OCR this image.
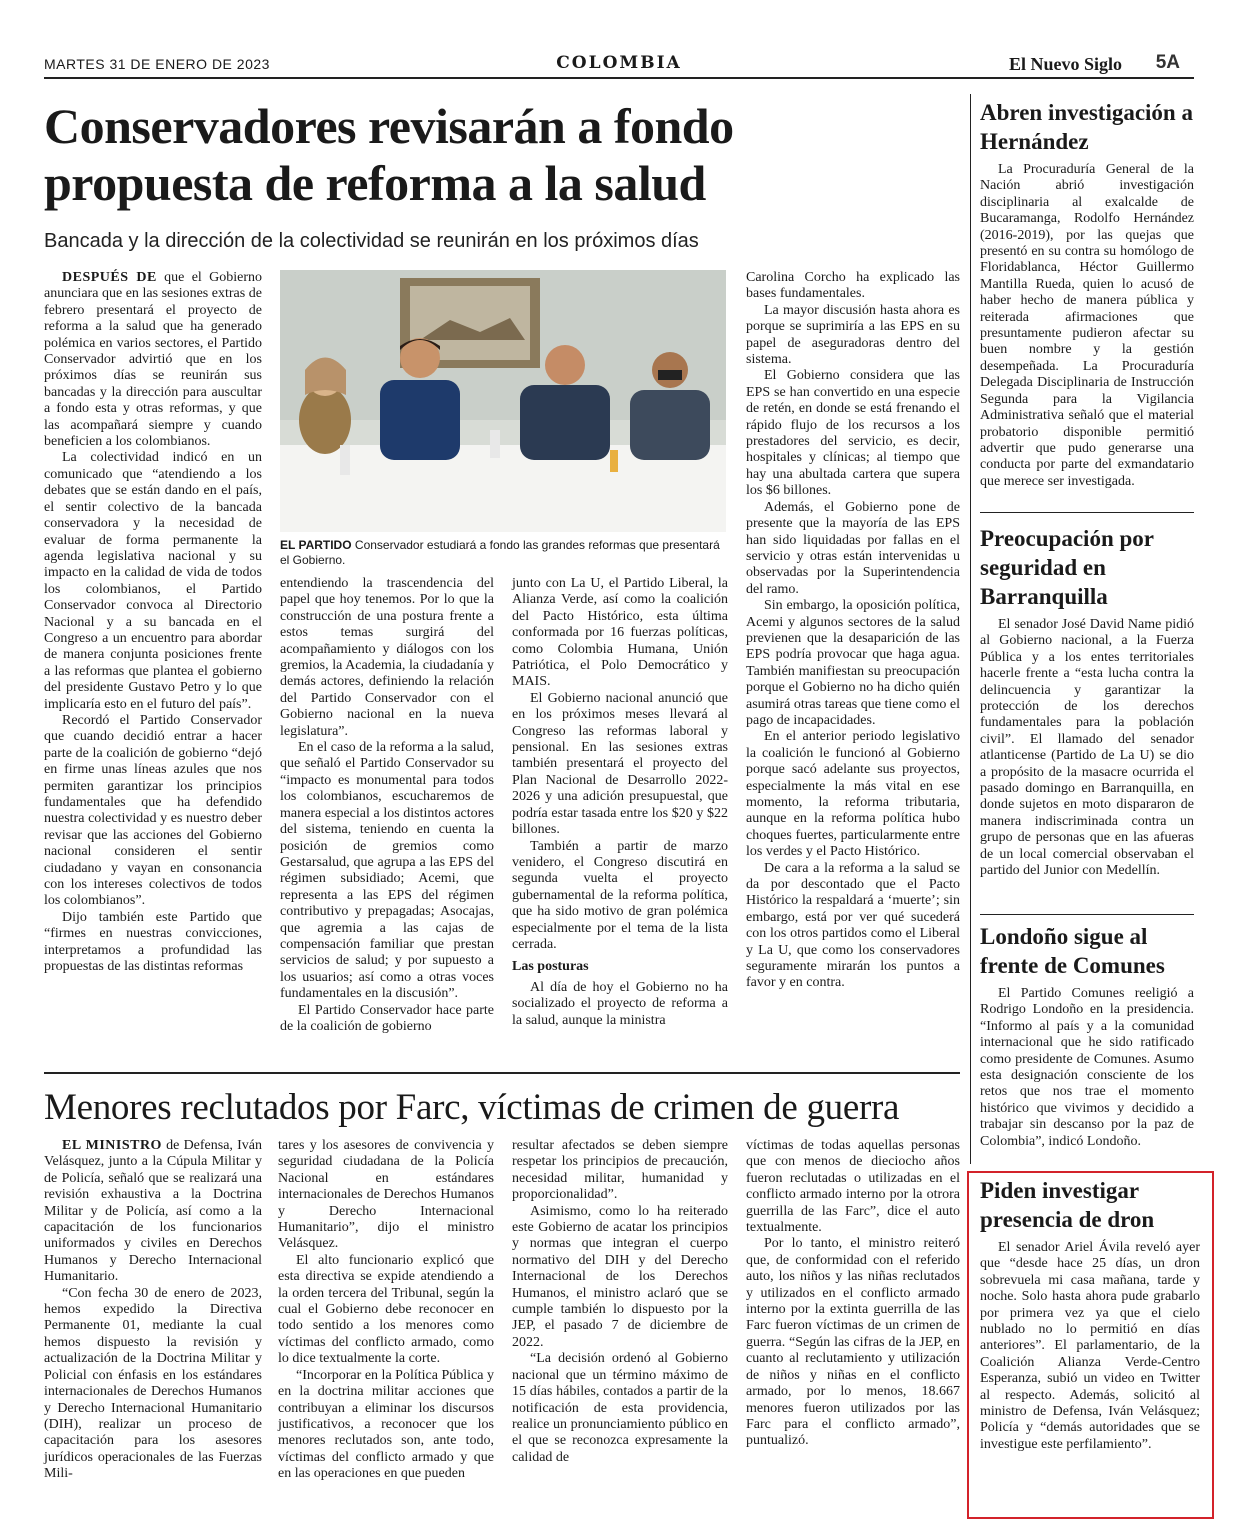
MARTES 31 DE ENERO DE 2023	COLOMBIA	El Nuevo Siglo 5A
Conservadores revisarán a fondo
propuesta de reforma a la salud
Bancada y la dirección de la colectividad se reunirán en los próximos días

DESPUÉS DE que el Gobierno anunciara que en las sesiones extras de febrero presentará el proyecto de reforma a la salud que ha generado polémica en varios sectores, el Partido Conservador advirtió que en los próximos días se reunirán sus bancadas y la dirección para auscultar a fondo esta y otras reformas, y que las acompañará siempre y cuando beneficien a los colombianos.

La colectividad indicó en un comunicado que “atendiendo a los debates que se están dando en el país, el sentir colectivo de la bancada conservadora y la necesidad de evaluar de forma permanente la agenda legislativa nacional y su impacto en la calidad de vida de todos los colombianos, el Partido Conservador convoca al Directorio Nacional y a su bancada en el Congreso a un encuentro para abordar de manera conjunta posiciones frente a las reformas que plantea el gobierno del presidente Gustavo Petro y lo que implicaría esto en el futuro del país”.

Recordó el Partido Conservador que cuando decidió entrar a hacer parte de la coalición de gobierno “dejó en firme unas líneas azules que nos permiten garantizar los principios fundamentales que ha defendido nuestra colectividad y es nuestro deber revisar que las acciones del Gobierno nacional consideren el sentir ciudadano y vayan en consonancia con los intereses colectivos de todos los colombianos”.

Dijo también este Partido que “firmes en nuestras convicciones, interpretamos a profundidad las propuestas de las distintas reformas

EL PARTIDO Conservador estudiará a fondo las grandes reformas que presentará el Gobierno.

entendiendo la trascendencia del papel que hoy tenemos. Por lo que la construcción de una postura frente a estos temas surgirá del acompañamiento y diálogos con los gremios, la Academia, la ciudadanía y demás actores, definiendo la relación del Partido Conservador con el Gobierno nacional en la nueva legislatura”.

En el caso de la reforma a la salud, que señaló el Partido Conservador su “impacto es monumental para todos los colombianos, escucharemos de manera especial a los distintos actores del sistema, teniendo en cuenta la posición de gremios como Gestarsalud, que agrupa a las EPS del régimen subsidiado; Acemi, que representa a las EPS del régimen contributivo y prepagadas; Asocajas, que agremia a las cajas de compensación familiar que prestan servicios de salud; y por supuesto a los usuarios; así como a otras voces fundamentales en la discusión”.

El Partido Conservador hace parte de la coalición de gobierno

junto con La U, el Partido Liberal, la Alianza Verde, así como la coalición del Pacto Histórico, esta última conformada por 16 fuerzas políticas, como Colombia Humana, Unión Patriótica, el Polo Democrático y MAIS.

El Gobierno nacional anunció que en los próximos meses llevará al Congreso las reformas laboral y pensional. En las sesiones extras también presentará el proyecto del Plan Nacional de Desarrollo 2022-2026 y una adición presupuestal, que podría estar tasada entre los $20 y $22 billones.

También a partir de marzo venidero, el Congreso discutirá en segunda vuelta el proyecto gubernamental de la reforma política, que ha sido motivo de gran polémica especialmente por el tema de la lista cerrada.

Las posturas

Al día de hoy el Gobierno no ha socializado el proyecto de reforma a la salud, aunque la ministra

Carolina Corcho ha explicado las bases fundamentales.

La mayor discusión hasta ahora es porque se suprimiría a las EPS en su papel de aseguradoras dentro del sistema.

El Gobierno considera que las EPS se han convertido en una especie de retén, en donde se está frenando el rápido flujo de los recursos a los prestadores del servicio, es decir, hospitales y clínicas; al tiempo que hay una abultada cartera que supera los $6 billones.

Además, el Gobierno pone de presente que la mayoría de las EPS han sido liquidadas por fallas en el servicio y otras están intervenidas u observadas por la Superintendencia del ramo.

Sin embargo, la oposición política, Acemi y algunos sectores de la salud previenen que la desaparición de las EPS podría provocar que haga agua. También manifiestan su preocupación porque el Gobierno no ha dicho quién asumirá otras tareas que tiene como el pago de incapacidades.

En el anterior periodo legislativo la coalición le funcionó al Gobierno porque sacó adelante sus proyectos, especialmente la más vital en ese momento, la reforma tributaria, aunque en la reforma política hubo choques fuertes, particularmente entre los verdes y el Pacto Histórico.

De cara a la reforma a la salud se da por descontado que el Pacto Histórico la respaldará a ‘muerte’; sin embargo, está por ver qué sucederá con los otros partidos como el Liberal y La U, que como los conservadores seguramente mirarán los puntos a favor y en contra.

Menores reclutados por Farc, víctimas de crimen de guerra

EL MINISTRO de Defensa, Iván Velásquez, junto a la Cúpula Militar y de Policía, señaló que se realizará una revisión exhaustiva a la Doctrina Militar y de Policía, así como a la capacitación de los funcionarios uniformados y civiles en Derechos Humanos y Derecho Internacional Humanitario.

“Con fecha 30 de enero de 2023, hemos expedido la Directiva Permanente 01, mediante la cual hemos dispuesto la revisión y actualización de la Doctrina Militar y Policial con énfasis en los estándares internacionales de Derechos Humanos y Derecho Internacional Humanitario (DIH), realizar un proceso de capacitación para los asesores jurídicos operacionales de las Fuerzas Mili-

tares y los asesores de convivencia y seguridad ciudadana de la Policía Nacional en estándares internacionales de Derechos Humanos y Derecho Internacional Humanitario”, dijo el ministro Velásquez.

El alto funcionario explicó que esta directiva se expide atendiendo a la orden tercera del Tribunal, según la cual el Gobierno debe reconocer en todo sentido a los menores como víctimas del conflicto armado, como lo dice textualmente la corte.

“Incorporar en la Política Pública y en la doctrina militar acciones que contribuyan a eliminar los discursos justificativos, a reconocer que los menores reclutados son, ante todo, víctimas del conflicto armado y que en las operaciones en que pueden

resultar afectados se deben siempre respetar los principios de precaución, necesidad militar, humanidad y proporcionalidad”.

Asimismo, como lo ha reiterado este Gobierno de acatar los principios y normas que integran el cuerpo normativo del DIH y del Derecho Internacional de los Derechos Humanos, el ministro aclaró que se cumple también lo dispuesto por la JEP, el pasado 7 de diciembre de 2022.

“La decisión ordenó al Gobierno nacional que un término máximo de 15 días hábiles, contados a partir de la notificación de esta providencia, realice un pronunciamiento público en el que se reconozca expresamente la calidad de

víctimas de todas aquellas personas que con menos de dieciocho años fueron reclutadas o utilizadas en el conflicto armado interno por la otrora guerrilla de las Farc”, dice el auto textualmente.

Por lo tanto, el ministro reiteró que, de conformidad con el referido auto, los niños y las niñas reclutados y utilizados en el conflicto armado interno por la extinta guerrilla de las Farc fueron víctimas de un crimen de guerra. “Según las cifras de la JEP, en cuanto al reclutamiento y utilización de niños y niñas en el conflicto armado, por lo menos, 18.667 menores fueron utilizados por las Farc para el conflicto armado”, puntualizó.

Abren investigación a Hernández

La Procuraduría General de la Nación abrió investigación disciplinaria al exalcalde de Bucaramanga, Rodolfo Hernández (2016-2019), por las quejas que presentó en su contra su homólogo de Floridablanca, Héctor Guillermo Mantilla Rueda, quien lo acusó de haber hecho de manera pública y reiterada afirmaciones que presuntamente pudieron afectar su buen nombre y la gestión desempeñada. La Procuraduría Delegada Disciplinaria de Instrucción Segunda para la Vigilancia Administrativa señaló que el material probatorio disponible permitió advertir que pudo generarse una conducta por parte del exmandatario que merece ser investigada.

Preocupación por seguridad en Barranquilla

El senador José David Name pidió al Gobierno nacional, a la Fuerza Pública y a los entes territoriales hacerle frente a “esta lucha contra la delincuencia y garantizar la protección de los derechos fundamentales para la población civil”. El llamado del senador atlanticense (Partido de La U) se dio a propósito de la masacre ocurrida el pasado domingo en Barranquilla, en donde sujetos en moto dispararon de manera indiscriminada contra un grupo de personas que en las afueras de un local comercial observaban el partido del Junior con Medellín.

Londoño sigue al frente de Comunes

El Partido Comunes reeligió a Rodrigo Londoño en la presidencia. “Informo al país y a la comunidad internacional que he sido ratificado como presidente de Comunes. Asumo esta designación consciente de los retos que nos trae el momento histórico que vivimos y decidido a trabajar sin descanso por la paz de Colombia”, indicó Londoño.

Piden investigar presencia de dron

El senador Ariel Ávila reveló ayer que “desde hace 25 días, un dron sobrevuela mi casa mañana, tarde y noche. Solo hasta ahora pude grabarlo por primera vez ya que el cielo nublado no lo permitió en días anteriores”. El parlamentario, de la Coalición Alianza Verde-Centro Esperanza, subió un video en Twitter al respecto. Además, solicitó al ministro de Defensa, Iván Velásquez; Policía y “demás autoridades que se investigue este perfilamiento”.
